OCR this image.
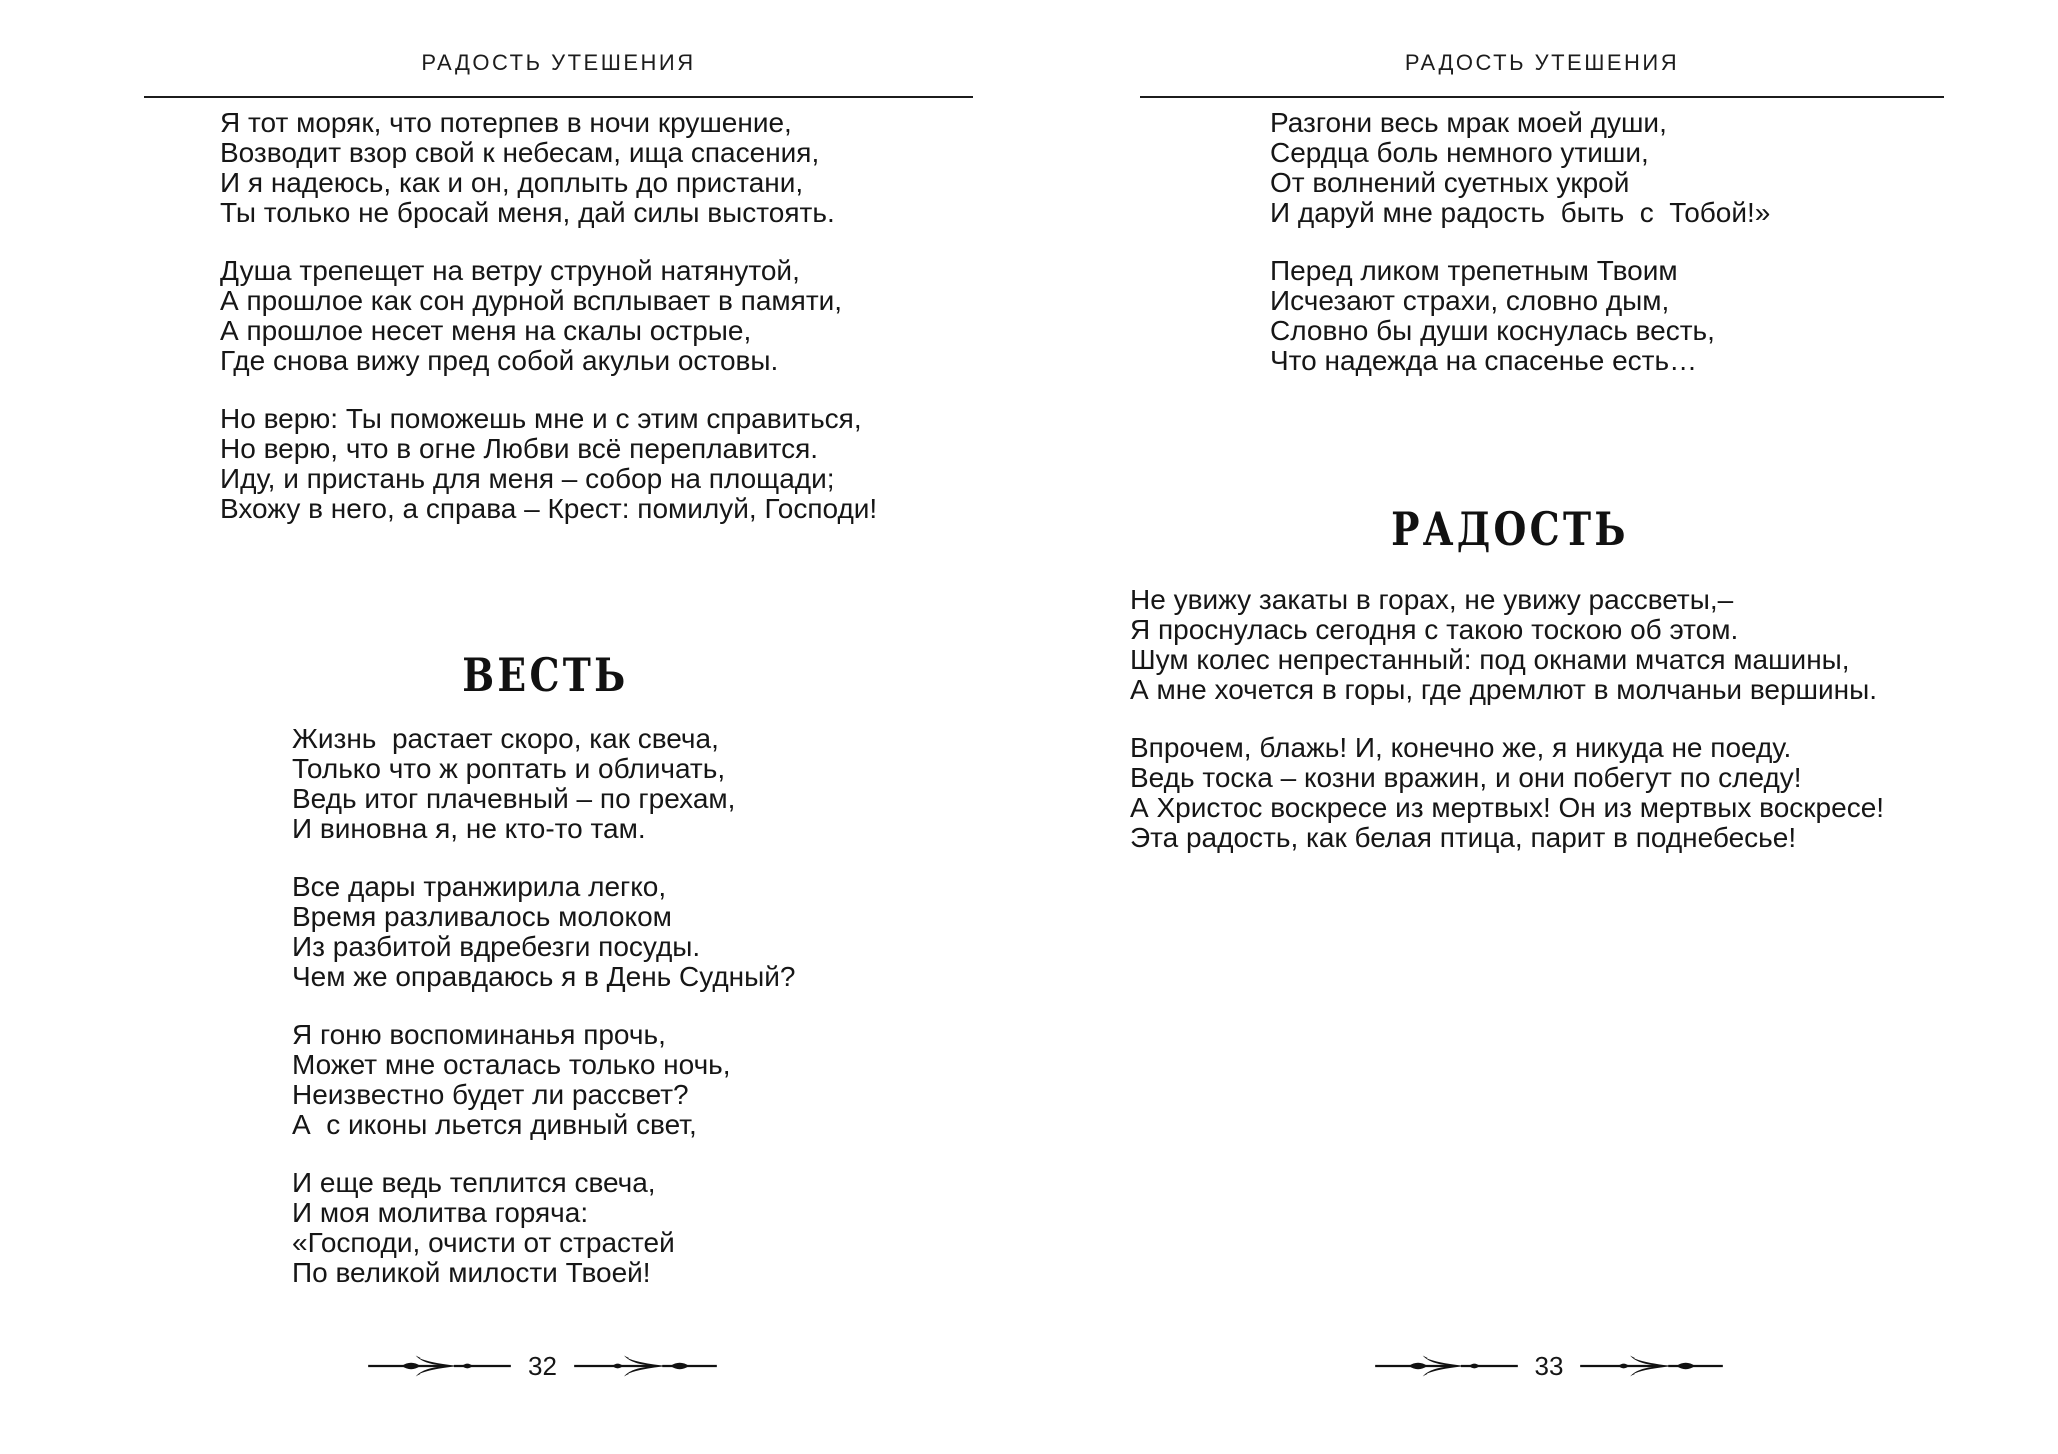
РАДОСТЬ УТЕШЕНИЯ
Я тот моряк, что потерпев в ночи крушение,
Возводит взор свой к небесам, ища спасения,
И я надеюсь, как и он, доплыть до пристани,
Ты только не бросай меня, дай силы выстоять.
Душа трепещет на ветру струной натянутой,
А прошлое как сон дурной всплывает в памяти,
А прошлое несет меня на скалы острые,
Где снова вижу пред собой акульи остовы.
Но верю: Ты поможешь мне и с этим справиться,
Но верю, что в огне Любви всё переплавится.
Иду, и пристань для меня – собор на площади;
Вхожу в него, а справа – Крест: помилуй, Господи!
ВЕСТЬ
Жизнь  растает скоро, как свеча,
Только что ж роптать и обличать,
Ведь итог плачевный – по грехам,
И виновна я, не кто-то там.
Все дары транжирила легко,
Время разливалось молоком
Из разбитой вдребезги посуды.
Чем же оправдаюсь я в День Судный?
Я гоню воспоминанья прочь,
Может мне осталась только ночь,
Неизвестно будет ли рассвет?
А  с иконы льется дивный свет,
И еще ведь теплится свеча,
И моя молитва горяча:
«Господи, очисти от страстей
По великой милости Твоей!
32
РАДОСТЬ УТЕШЕНИЯ
Разгони весь мрак моей души,
Сердца боль немного утиши,
От волнений суетных укрой
И даруй мне радость  быть  с  Тобой!»
Перед ликом трепетным Твоим
Исчезают страхи, словно дым,
Словно бы души коснулась весть,
Что надежда на спасенье есть…
РАДОСТЬ
Не увижу закаты в горах, не увижу рассветы,–
Я проснулась сегодня с такою тоскою об этом.
Шум колес непрестанный: под окнами мчатся машины,
А мне хочется в горы, где дремлют в молчаньи вершины.
Впрочем, блажь! И, конечно же, я никуда не поеду.
Ведь тоска – козни вражин, и они побегут по следу!
А Христос воскресе из мертвых! Он из мертвых воскресе!
Эта радость, как белая птица, парит в поднебесье!
33
